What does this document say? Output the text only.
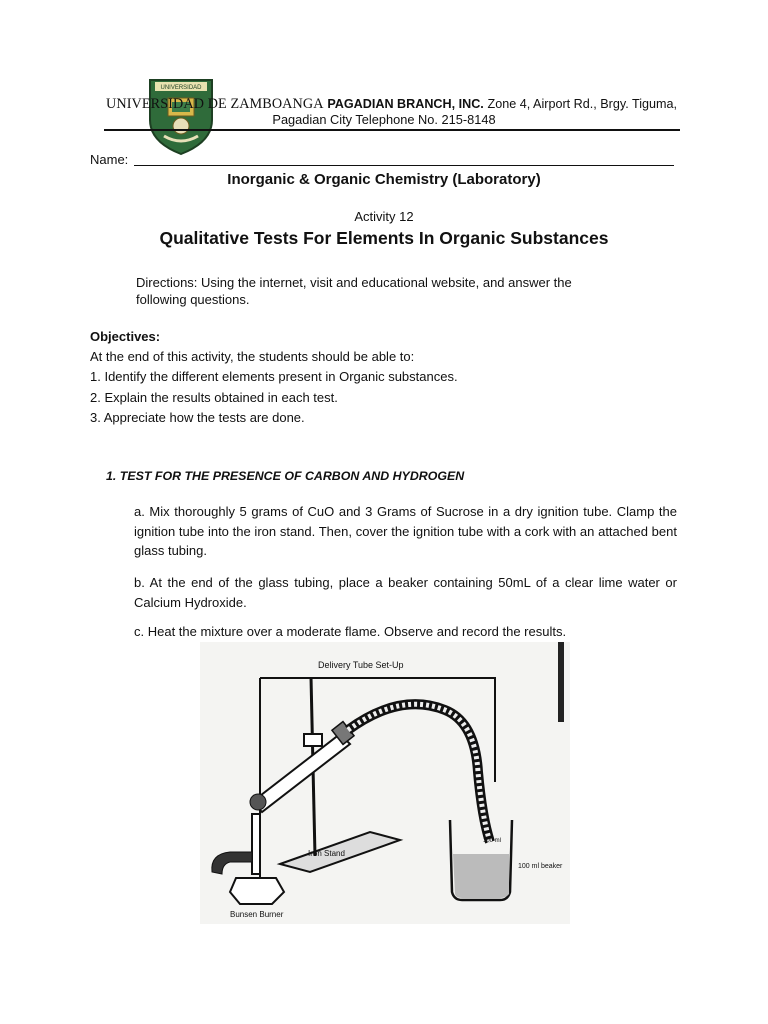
UNIVERSIDAD
UNIVERSIDAD DE ZAMBOANGA PAGADIAN BRANCH, INC. Zone 4, Airport Rd., Brgy. Tiguma,
Pagadian City Telephone No. 215-8148
Name:
Inorganic & Organic Chemistry (Laboratory)
Activity 12
Qualitative Tests For Elements In Organic Substances
Directions: Using the internet, visit and educational website, and answer the following questions.
Objectives:
At the end of this activity, the students should be able to:
1. Identify the different elements present in Organic substances.
2. Explain the results obtained in each test.
3. Appreciate how the tests are done.
1. TEST FOR THE PRESENCE OF CARBON AND HYDROGEN
a. Mix thoroughly 5 grams of CuO and 3 Grams of Sucrose in a dry ignition tube. Clamp the ignition tube into the iron stand. Then, cover the ignition tube with a cork with an attached bent glass tubing.
b. At the end of the glass tubing, place a beaker containing 50mL of a clear lime water or Calcium Hydroxide.
c. Heat the mixture over a moderate flame. Observe and record the results.
Delivery Tube Set-Up
Iron Stand
Bunsen Burner
100 ml
100 ml beaker
